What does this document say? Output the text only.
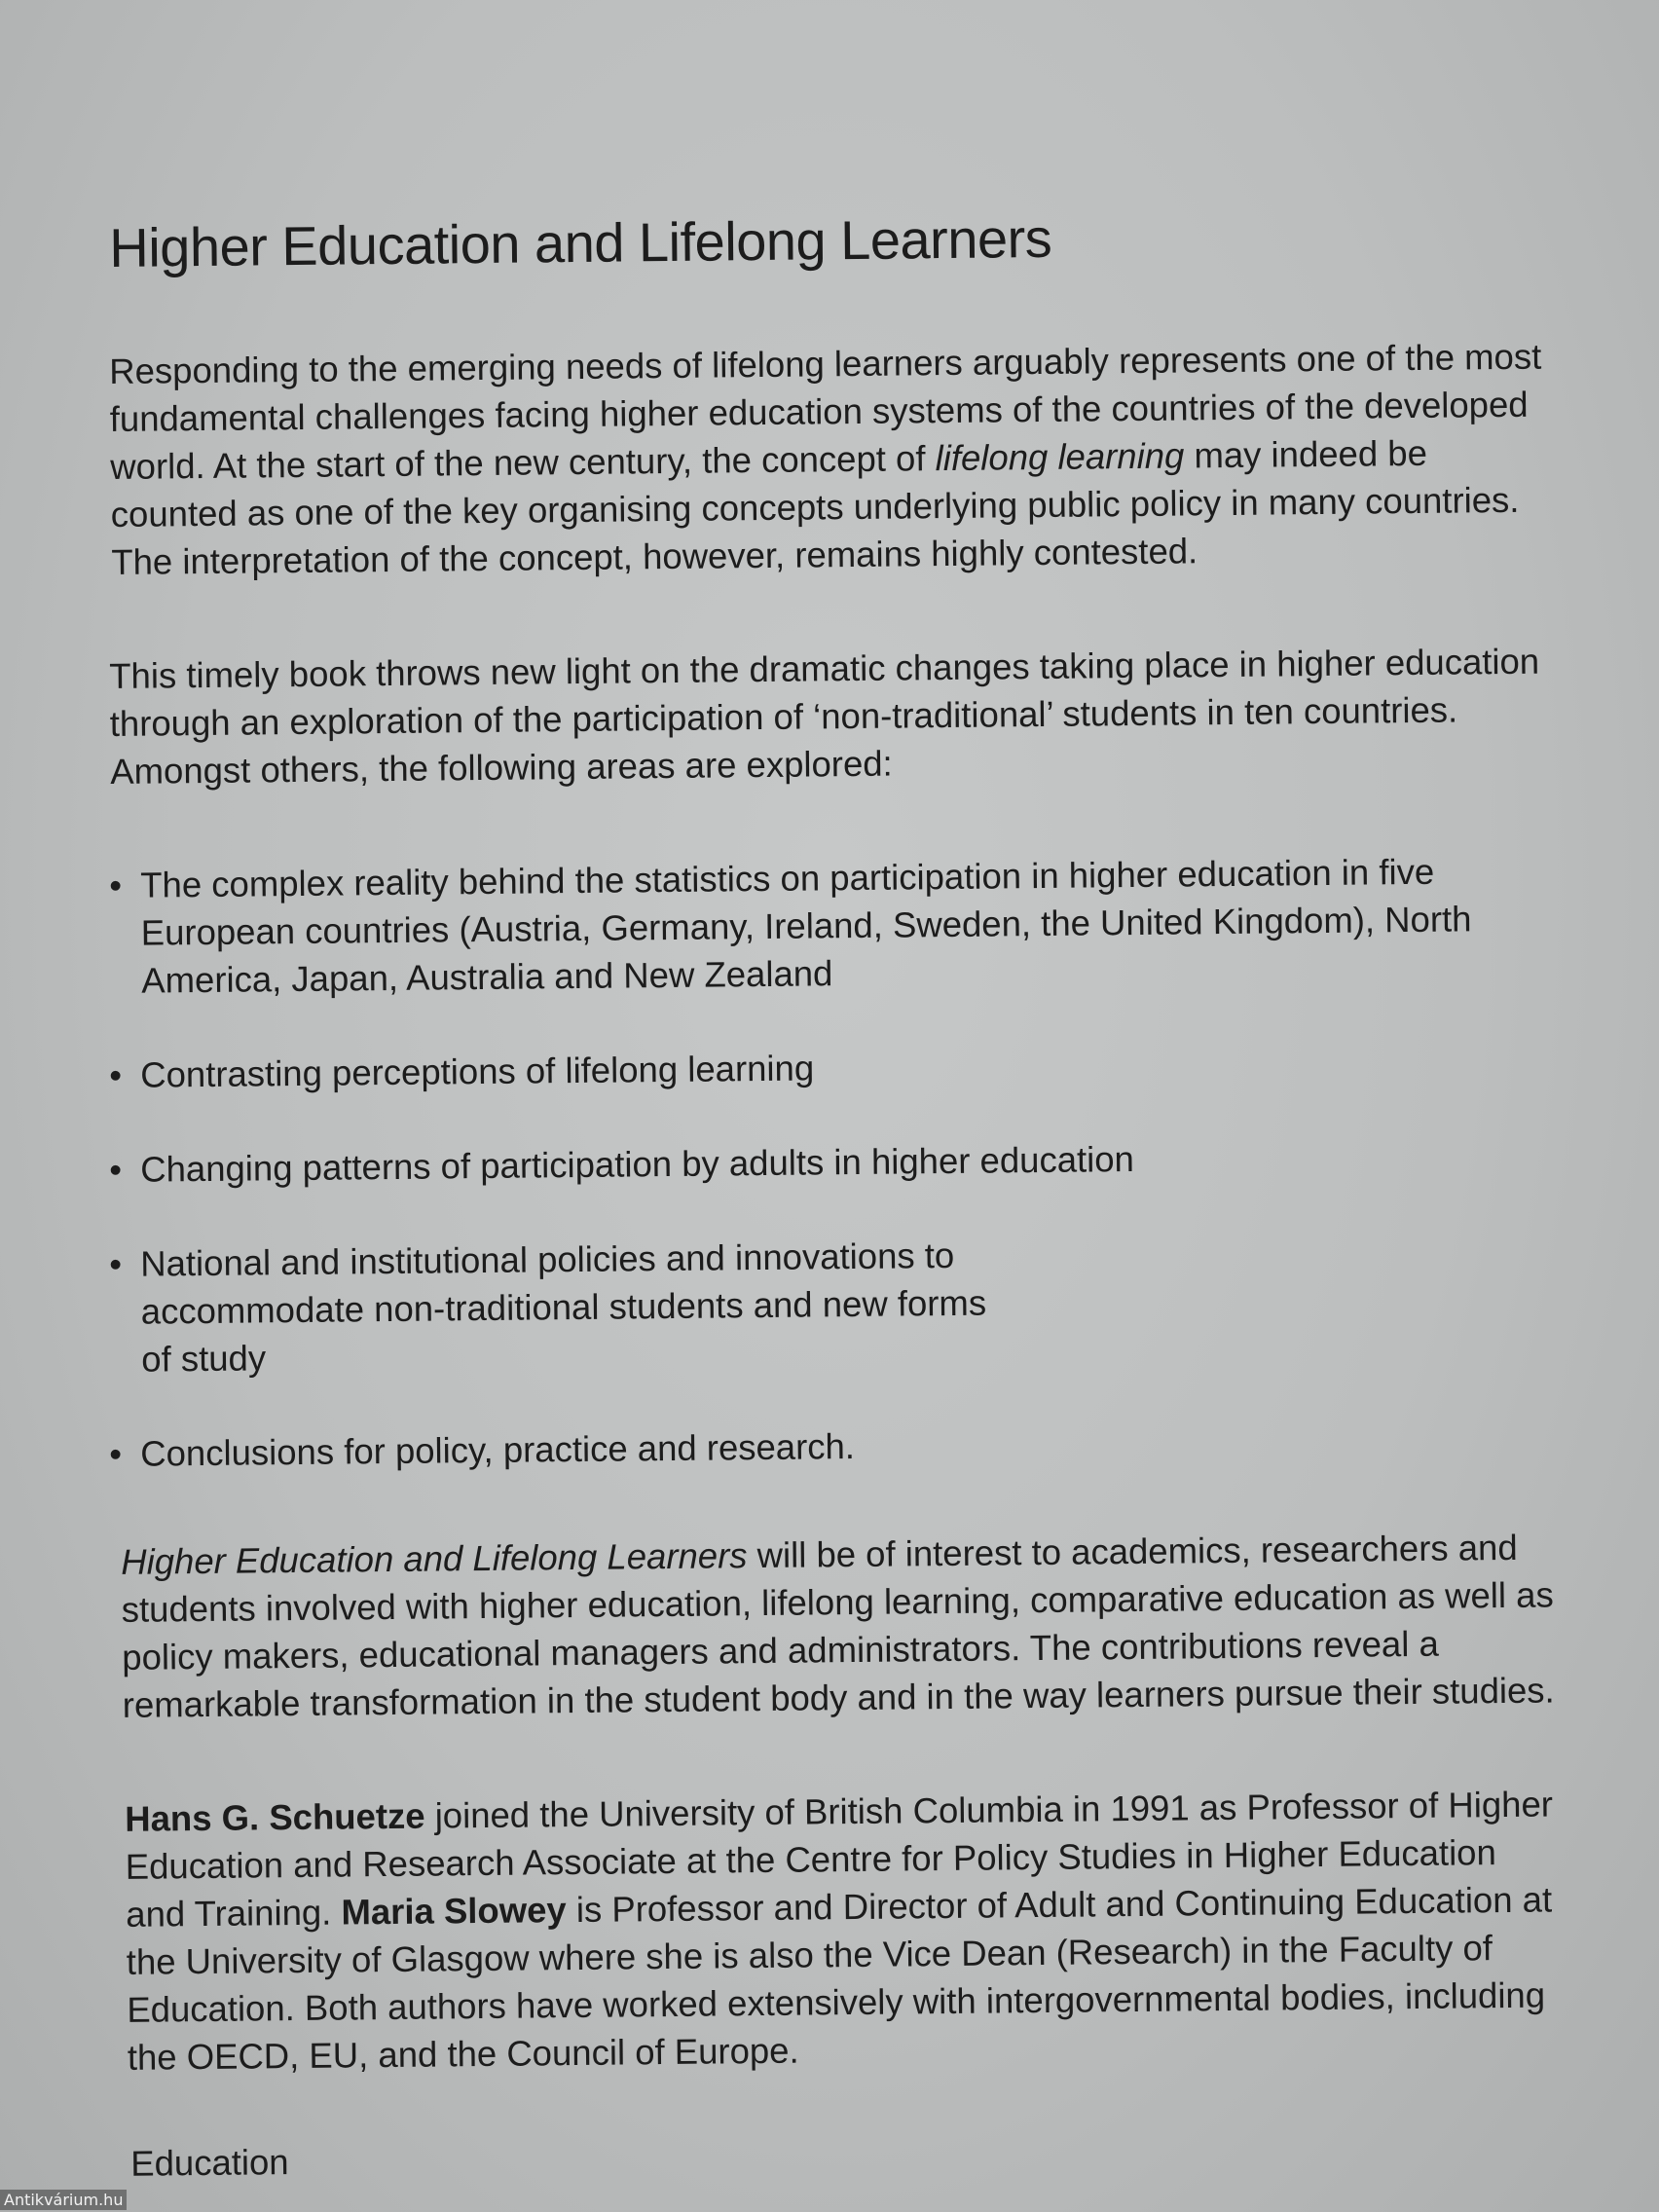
Higher Education and Lifelong Learners

Responding to the emerging needs of lifelong learners arguably represents one of the most fundamental challenges facing higher education systems of the countries of the developed world. At the start of the new century, the concept of lifelong learning may indeed be counted as one of the key organising concepts underlying public policy in many countries. The interpretation of the concept, however, remains highly contested.

This timely book throws new light on the dramatic changes taking place in higher education through an exploration of the participation of ‘non-traditional’ students in ten countries. Amongst others, the following areas are explored:

• The complex reality behind the statistics on participation in higher education in five European countries (Austria, Germany, Ireland, Sweden, the United Kingdom), North America, Japan, Australia and New Zealand
• Contrasting perceptions of lifelong learning
• Changing patterns of participation by adults in higher education
• National and institutional policies and innovations to accommodate non-traditional students and new forms of study
• Conclusions for policy, practice and research.

Higher Education and Lifelong Learners will be of interest to academics, researchers and students involved with higher education, lifelong learning, comparative education as well as policy makers, educational managers and administrators. The contributions reveal a remarkable transformation in the student body and in the way learners pursue their studies.

Hans G. Schuetze joined the University of British Columbia in 1991 as Professor of Higher Education and Research Associate at the Centre for Policy Studies in Higher Education and Training. Maria Slowey is Professor and Director of Adult and Continuing Education at the University of Glasgow where she is also the Vice Dean (Research) in the Faculty of Education. Both authors have worked extensively with intergovernmental bodies, including the OECD, EU, and the Council of Europe.

Education

Antikvárium.hu
